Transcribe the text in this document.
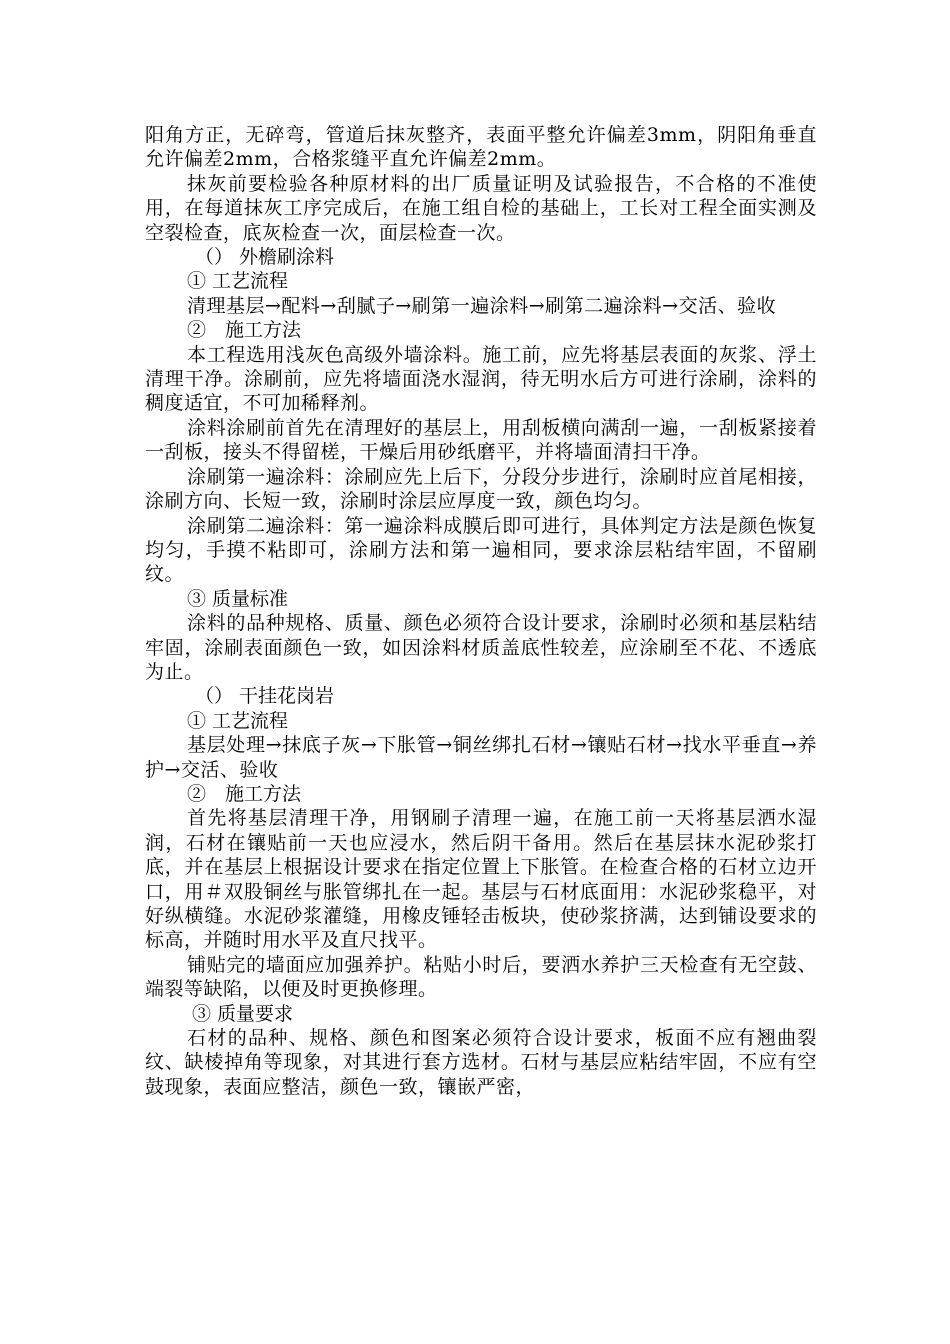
阳角方正，无碎弯，管道后抹灰整齐，表面平整允许偏差3mm，阴阳角垂直允许偏差2mm，合格浆缝平直允许偏差2mm。

抹灰前要检验各种原材料的出厂质量证明及试验报告，不合格的不准使用，在每道抹灰工序完成后，在施工组自检的基础上，工长对工程全面实测及空裂检查，底灰检查一次，面层检查一次。

（） 外檐刷涂料

① 工艺流程

清理基层→配料→刮腻子→刷第一遍涂料→刷第二遍涂料→交活、验收

②　施工方法

本工程选用浅灰色高级外墙涂料。施工前，应先将基层表面的灰浆、浮土清理干净。涂刷前，应先将墙面浇水湿润，待无明水后方可进行涂刷，涂料的稠度适宜，不可加稀释剂。

涂料涂刷前首先在清理好的基层上，用刮板横向满刮一遍，一刮板紧接着一刮板，接头不得留槎，干燥后用砂纸磨平，并将墙面清扫干净。

涂刷第一遍涂料：涂刷应先上后下，分段分步进行，涂刷时应首尾相接，涂刷方向、长短一致，涂刷时涂层应厚度一致，颜色均匀。

涂刷第二遍涂料：第一遍涂料成膜后即可进行，具体判定方法是颜色恢复均匀，手摸不粘即可，涂刷方法和第一遍相同，要求涂层粘结牢固，不留刷纹。

③ 质量标准

涂料的品种规格、质量、颜色必须符合设计要求，涂刷时必须和基层粘结牢固，涂刷表面颜色一致，如因涂料材质盖底性较差，应涂刷至不花、不透底为止。

（） 干挂花岗岩

① 工艺流程

基层处理→抹底子灰→下胀管→铜丝绑扎石材→镶贴石材→找水平垂直→养护→交活、验收

②　施工方法

首先将基层清理干净，用钢刷子清理一遍，在施工前一天将基层洒水湿润，石材在镶贴前一天也应浸水，然后阴干备用。然后在基层抹水泥砂浆打底，并在基层上根据设计要求在指定位置上下胀管。在检查合格的石材立边开口，用＃双股铜丝与胀管绑扎在一起。基层与石材底面用：水泥砂浆稳平，对好纵横缝。水泥砂浆灌缝，用橡皮锤轻击板块，使砂浆挤满，达到铺设要求的标高，并随时用水平及直尺找平。

铺贴完的墙面应加强养护。粘贴小时后，要洒水养护三天检查有无空鼓、端裂等缺陷，以便及时更换修理。

③ 质量要求

石材的品种、规格、颜色和图案必须符合设计要求，板面不应有翘曲裂纹、缺棱掉角等现象，对其进行套方选材。石材与基层应粘结牢固，不应有空鼓现象，表面应整洁，颜色一致，镶嵌严密，
